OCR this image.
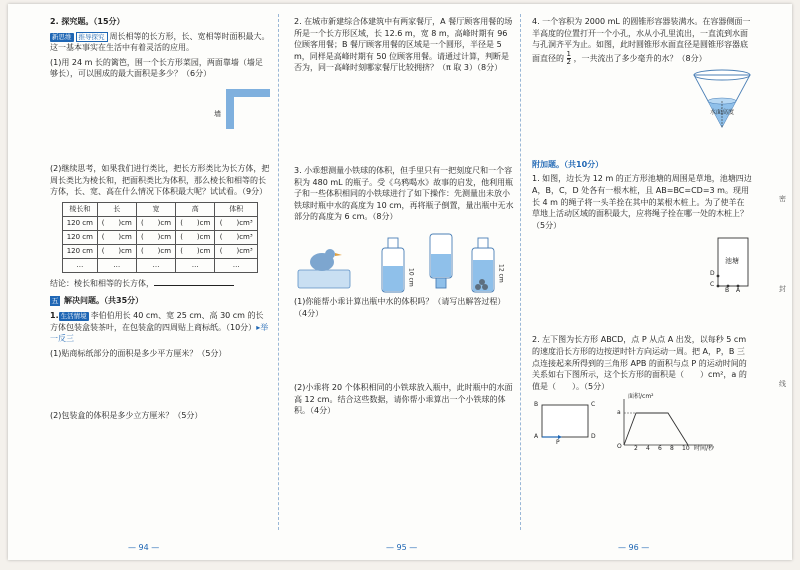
2. 探究题。（15分）

新思维 推导探究 周长相等的长方形，长、宽相等时面积最大。这一基本事实在生活中有着灵活的应用。

(1)用 24 m 长的篱笆，围一个长方形菜园，两面靠墙（墙足够长），可以围成的最大面积是多少？（6分）

墙

(2)继续思考，如果我们进行类比，把长方形类比为长方体，把周长类比为棱长和，把面积类比为体积，那么棱长和相等的长方体，长、宽、高在什么情况下体积最大呢？试试看。（9分）

棱长和	长	宽	高	体积
120 cm	(　　)cm	(　　)cm	(　　)cm	(　　)cm³
120 cm	(　　)cm	(　　)cm	(　　)cm	(　　)cm³
120 cm	(　　)cm	(　　)cm	(　　)cm	(　　)cm³
…	…	…	…	…

结论：棱长和相等的长方体，

五 解决问题。（共35分）

1. 生活情境 李伯伯用长 40 cm、宽 25 cm、高 30 cm 的长方体包装盒装茶叶，在包装盒的四周贴上商标纸。（10分）▸举一反三

(1)贴商标纸部分的面积是多少平方厘米？（5分）

(2)包装盒的体积是多少立方厘米？（5分）

— 94 —

2. 在城市新建综合体建筑中有两家餐厅，A 餐厅顾客用餐的场所是一个长方形区域，长 12.6 m，宽 8 m，高峰时期有 96 位顾客用餐；B 餐厅顾客用餐的区域是一个圆形，半径是 5 m，同样是高峰时期有 50 位顾客用餐。请通过计算，判断是否为，同一高峰时刻哪家餐厅比较拥挤？（π 取 3）（8分）

3. 小乖想测量小铁球的体积，但手里只有一把刻度尺和一个容积为 480 mL 的瓶子。受《乌鸦喝水》故事的启发，他利用瓶子和一些体积相同的小铁球进行了如下操作：先测量出未放小铁球时瓶中水的高度为 10 cm，再将瓶子倒置，量出瓶中无水部分的高度为 6 cm。（8分）

10 cm	12 cm

(1)你能帮小乖计算出瓶中水的体积吗？（请写出解答过程）（4分）

(2)小乖将 20 个体积相同的小铁球放入瓶中，此时瓶中的水面高 12 cm。结合这些数据，请你帮小乖算出一个小铁球的体积。（4分）

— 95 —

4. 一个容积为 2000 mL 的圆锥形容器装满水。在容器侧面一半高度的位置打开一个小孔，水从小孔里流出，一直流到水面与孔洞齐平为止。如图，此时圆锥形水面直径是圆锥形容器底面直径的 $\frac{1}{2}$ ，一共流出了多少毫升的水？（8分）

水面高度

附加题。（共10分）

1. 如图，边长为 12 m 的正方形池塘的周围是草地，池塘四边 A，B，C，D 处各有一根木桩，且 AB=BC=CD=3 m。现用长 4 m 的绳子将一头羊拴在其中的某根木桩上。为了使羊在草地上活动区域的面积最大，应将绳子拴在哪一处的木桩上？（5分）

池塘
D
C
B A

2. 左下图为长方形 ABCD，点 P 从点 A 出发，以每秒 5 cm 的速度沿长方形的边按逆时针方向运动一周。把 A，P，B 三点连接起来所得到的三角形 APB 的面积与点 P 的运动时间的关系如右下图所示，这个长方形的面积是（　　）cm²，a 的值是（　　）。（5分）

B	C
A	D
P
面积/cm²
a
O 2 4 6 8 10 时间/秒
— 96 —
密
封
线
